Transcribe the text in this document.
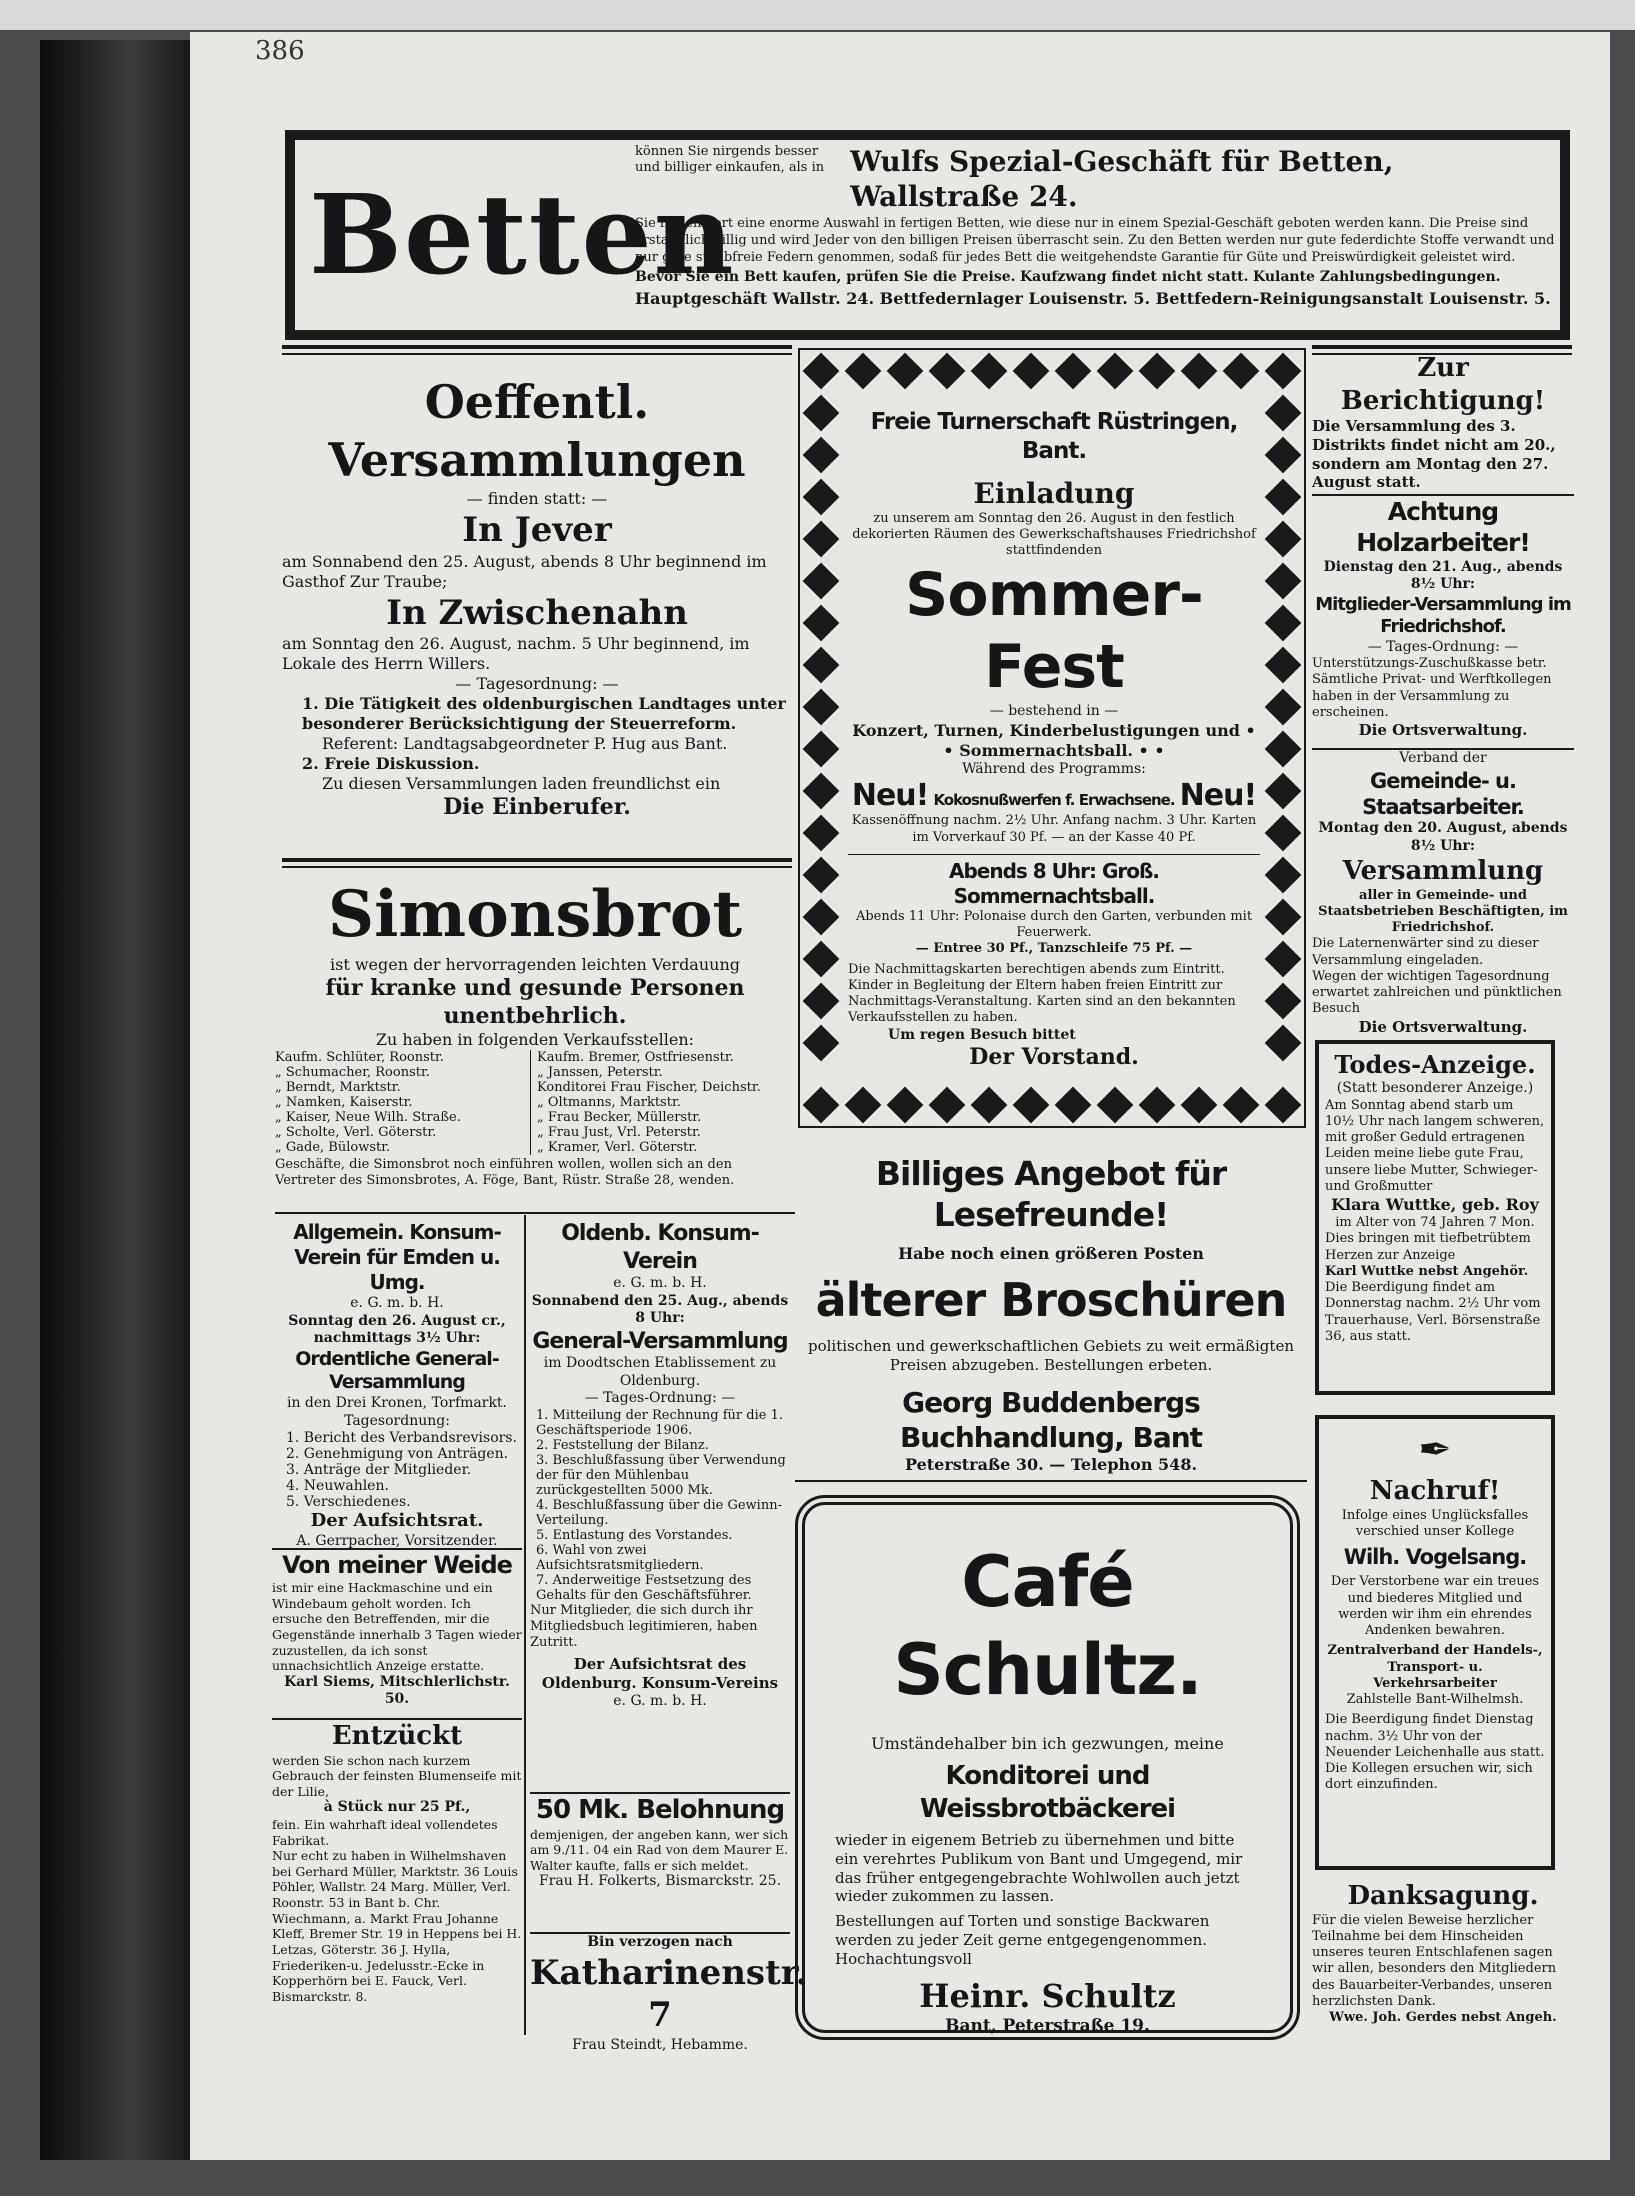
386
Betten
können Sie nirgends besser und billiger einkaufen, als in Wulfs Spezial-Geschäft für Betten, Wallstraße 24.
Sie finden dort eine enorme Auswahl in fertigen Betten, wie diese nur in einem Spezial-Geschäft geboten werden kann. Die Preise sind erstaunlich billig und wird Jeder von den billigen Preisen überrascht sein. Zu den Betten werden nur gute federdichte Stoffe verwandt und nur gute staubfreie Federn genommen, sodaß für jedes Bett die weitgehendste Garantie für Güte und Preiswürdigkeit geleistet wird.
Bevor Sie ein Bett kaufen, prüfen Sie die Preise. Kaufzwang findet nicht statt. Kulante Zahlungsbedingungen.
Hauptgeschäft Wallstr. 24. Bettfedernlager Louisenstr. 5. Bettfedern-Reinigungsanstalt Louisenstr. 5.
Oeffentl. Versammlungen
— finden statt: —
In Jever
am Sonnabend den 25. August, abends 8 Uhr beginnend im Gasthof Zur Traube;
In Zwischenahn
am Sonntag den 26. August, nachm. 5 Uhr beginnend, im Lokale des Herrn Willers.
— Tagesordnung: —
1. Die Tätigkeit des oldenburgischen Landtages unter besonderer Berücksichtigung der Steuerreform.
Referent: Landtagsabgeordneter P. Hug aus Bant.
2. Freie Diskussion.
Zu diesen Versammlungen laden freundlichst ein
Die Einberufer.
Simonsbrot
ist wegen der hervorragenden leichten Verdauung
für kranke und gesunde Personen unentbehrlich.
Zu haben in folgenden Verkaufsstellen:
Kaufm. Schlüter, Roonstr.
„ Schumacher, Roonstr.
„ Berndt, Marktstr.
„ Namken, Kaiserstr.
„ Kaiser, Neue Wilh. Straße.
„ Scholte, Verl. Göterstr.
„ Gade, Bülowstr.
Kaufm. Bremer, Ostfriesenstr.
„ Janssen, Peterstr.
Konditorei Frau Fischer, Deichstr.
„ Oltmanns, Marktstr.
„ Frau Becker, Müllerstr.
„ Frau Just, Vrl. Peterstr.
„ Kramer, Verl. Göterstr.
Geschäfte, die Simonsbrot noch einführen wollen, wollen sich an den Vertreter des Simonsbrotes, A. Föge, Bant, Rüstr. Straße 28, wenden.
Allgemein. Konsum-Verein für Emden u. Umg.
e. G. m. b. H.
Sonntag den 26. August cr., nachmittags 3½ Uhr:
Ordentliche General-Versammlung
in den Drei Kronen, Torfmarkt.
Tagesordnung:
1. Bericht des Verbandsrevisors.
2. Genehmigung von Anträgen.
3. Anträge der Mitglieder.
4. Neuwahlen.
5. Verschiedenes.
Der Aufsichtsrat.
A. Gerrpacher, Vorsitzender.
Von meiner Weide
ist mir eine Hackmaschine und ein Windebaum geholt worden. Ich ersuche den Betreffenden, mir die Gegenstände innerhalb 3 Tagen wieder zuzustellen, da ich sonst unnachsichtlich Anzeige erstatte.
Karl Siems, Mitschlerlichstr. 50.
Entzückt
werden Sie schon nach kurzem Gebrauch der feinsten Blumenseife mit der Lilie,
à Stück nur 25 Pf.,
fein. Ein wahrhaft ideal vollendetes Fabrikat.
Nur echt zu haben in Wilhelmshaven bei Gerhard Müller, Marktstr. 36 Louis Pöhler, Wallstr. 24 Marg. Müller, Verl. Roonstr. 53 in Bant b. Chr. Wiechmann, a. Markt Frau Johanne Kleff, Bremer Str. 19 in Heppens bei H. Letzas, Göterstr. 36 J. Hylla, Friederiken-u. Jedelusstr.-Ecke in Kopperhörn bei E. Fauck, Verl. Bismarckstr. 8.
Oldenb. Konsum-Verein
e. G. m. b. H.
Sonnabend den 25. Aug., abends 8 Uhr:
General-Versammlung
im Doodtschen Etablissement zu Oldenburg.
— Tages-Ordnung: —
1. Mitteilung der Rechnung für die 1. Geschäftsperiode 1906.
2. Feststellung der Bilanz.
3. Beschlußfassung über Verwendung der für den Mühlenbau zurückgestellten 5000 Mk.
4. Beschlußfassung über die Gewinn-Verteilung.
5. Entlastung des Vorstandes.
6. Wahl von zwei Aufsichtsratsmitgliedern.
7. Anderweitige Festsetzung des Gehalts für den Geschäftsführer.
Nur Mitglieder, die sich durch ihr Mitgliedsbuch legitimieren, haben Zutritt.
Der Aufsichtsrat des Oldenburg. Konsum-Vereins
e. G. m. b. H.
50 Mk. Belohnung
demjenigen, der angeben kann, wer sich am 9./11. 04 ein Rad von dem Maurer E. Walter kaufte, falls er sich meldet.
Frau H. Folkerts, Bismarckstr. 25.
Bin verzogen nach
Katharinenstr. 7
Frau Steindt, Hebamme.
Freie Turnerschaft Rüstringen, Bant.
Einladung
zu unserem am Sonntag den 26. August in den festlich dekorierten Räumen des Gewerkschaftshauses Friedrichshof stattfindenden
Sommer-Fest
— bestehend in —
Konzert, Turnen, Kinderbelustigungen und • • Sommernachtsball. • •
Während des Programms:
Neu! Kokosnußwerfen f. Erwachsene. Neu!
Kassenöffnung nachm. 2½ Uhr. Anfang nachm. 3 Uhr. Karten im Vorverkauf 30 Pf. — an der Kasse 40 Pf.
Abends 8 Uhr: Groß. Sommernachtsball.
Abends 11 Uhr: Polonaise durch den Garten, verbunden mit Feuerwerk.
— Entree 30 Pf., Tanzschleife 75 Pf. —
Die Nachmittagskarten berechtigen abends zum Eintritt. Kinder in Begleitung der Eltern haben freien Eintritt zur Nachmittags-Veranstaltung. Karten sind an den bekannten Verkaufsstellen zu haben.
Um regen Besuch bittet
Der Vorstand.
Zur Berichtigung!
Die Versammlung des 3. Distrikts findet nicht am 20., sondern am Montag den 27. August statt.
Achtung Holzarbeiter!
Dienstag den 21. Aug., abends 8½ Uhr:
Mitglieder-Versammlung im Friedrichshof.
— Tages-Ordnung: —
Unterstützungs-Zuschußkasse betr. Sämtliche Privat- und Werftkollegen haben in der Versammlung zu erscheinen.
Die Ortsverwaltung.
Verband der
Gemeinde- u. Staatsarbeiter.
Montag den 20. August, abends 8½ Uhr:
Versammlung
aller in Gemeinde- und Staatsbetrieben Beschäftigten, im Friedrichshof.
Die Laternenwärter sind zu dieser Versammlung eingeladen.
Wegen der wichtigen Tagesordnung erwartet zahlreichen und pünktlichen Besuch
Die Ortsverwaltung.
Todes-Anzeige.
(Statt besonderer Anzeige.)
Am Sonntag abend starb um 10½ Uhr nach langem schweren, mit großer Geduld ertragenen Leiden meine liebe gute Frau, unsere liebe Mutter, Schwieger- und Großmutter
Klara Wuttke, geb. Roy
im Alter von 74 Jahren 7 Mon.
Dies bringen mit tiefbetrübtem Herzen zur Anzeige
Karl Wuttke nebst Angehör.
Die Beerdigung findet am Donnerstag nachm. 2½ Uhr vom Trauerhause, Verl. Börsenstraße 36, aus statt.
✒
Nachruf!
Infolge eines Unglücksfalles verschied unser Kollege
Wilh. Vogelsang.
Der Verstorbene war ein treues und biederes Mitglied und werden wir ihm ein ehrendes Andenken bewahren.
Zentralverband der Handels-, Transport- u. Verkehrsarbeiter
Zahlstelle Bant-Wilhelmsh.
Die Beerdigung findet Dienstag nachm. 3½ Uhr von der Neuender Leichenhalle aus statt. Die Kollegen ersuchen wir, sich dort einzufinden.
Danksagung.
Für die vielen Beweise herzlicher Teilnahme bei dem Hinscheiden unseres teuren Entschlafenen sagen wir allen, besonders den Mitgliedern des Bauarbeiter-Verbandes, unseren herzlichsten Dank.
Wwe. Joh. Gerdes nebst Angeh.
Billiges Angebot für Lesefreunde!
Habe noch einen größeren Posten
älterer Broschüren
politischen und gewerkschaftlichen Gebiets zu weit ermäßigten Preisen abzugeben. Bestellungen erbeten.
Georg Buddenbergs Buchhandlung, Bant
Peterstraße 30. — Telephon 548.
Café Schultz.
Umständehalber bin ich gezwungen, meine
Konditorei und Weissbrotbäckerei
wieder in eigenem Betrieb zu übernehmen und bitte ein verehrtes Publikum von Bant und Umgegend, mir das früher entgegengebrachte Wohlwollen auch jetzt wieder zukommen zu lassen.
Bestellungen auf Torten und sonstige Backwaren werden zu jeder Zeit gerne entgegengenommen. Hochachtungsvoll
Heinr. Schultz
Bant, Peterstraße 19.
